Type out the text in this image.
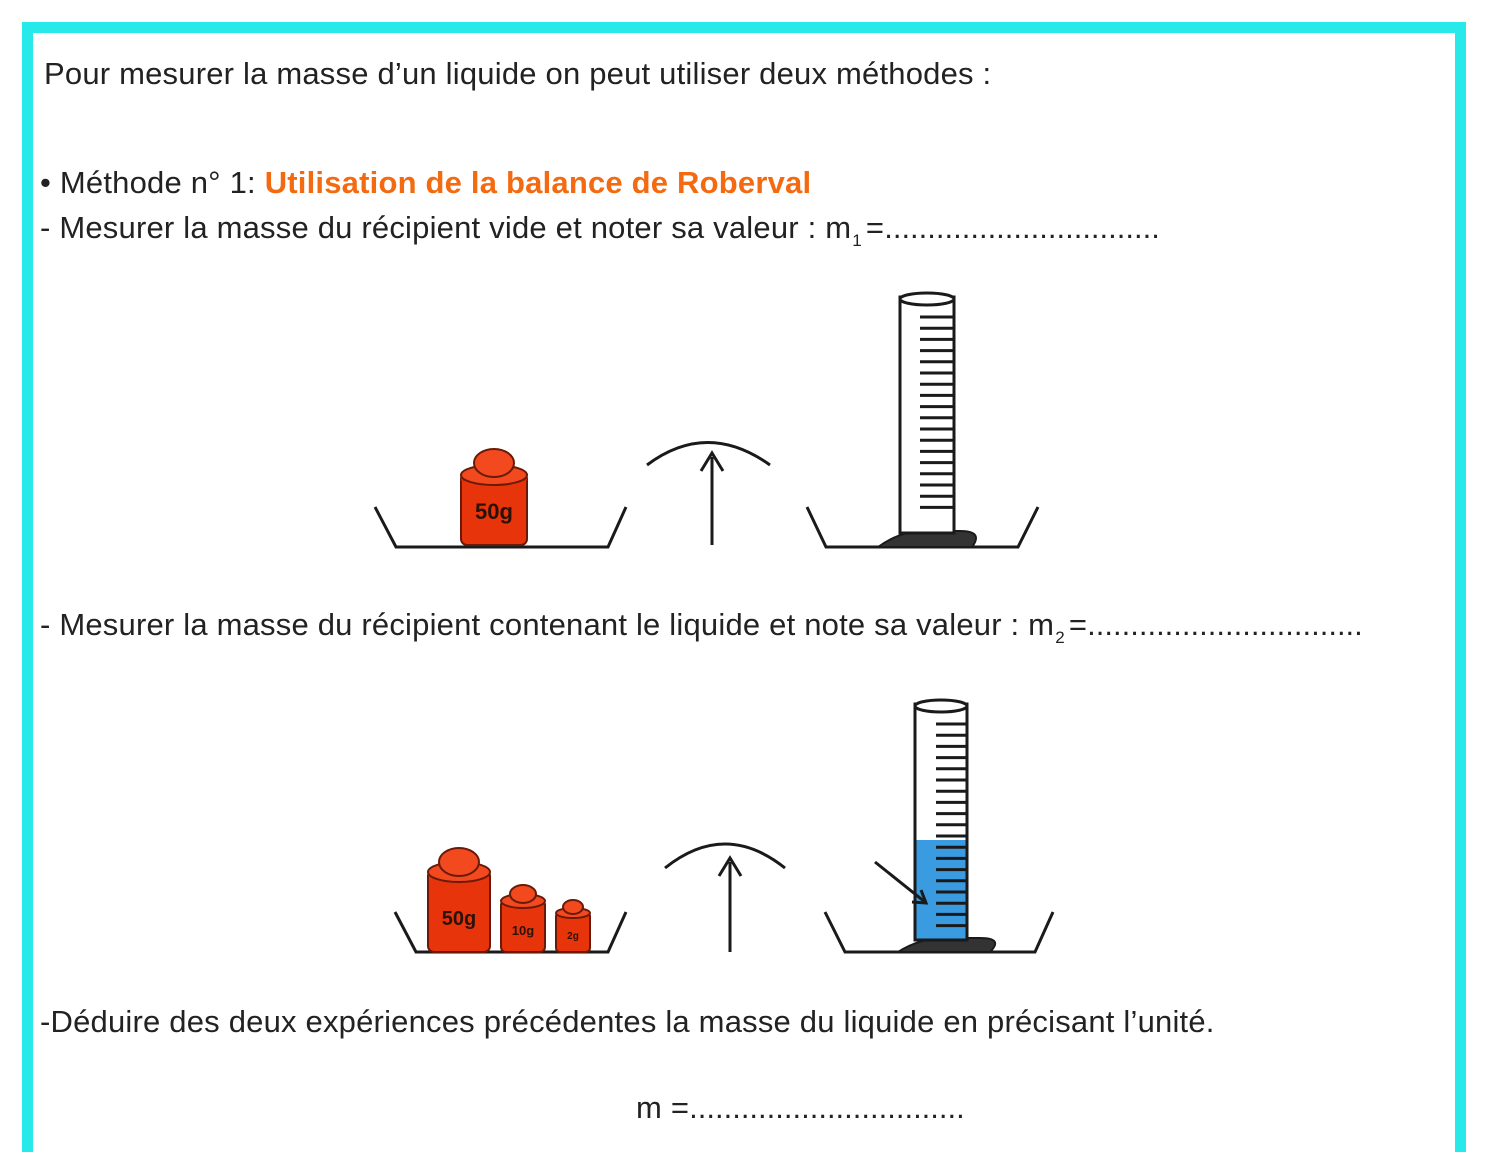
Pour mesurer la masse d’un liquide on peut utiliser deux méthodes :
• Méthode n° 1: Utilisation de la balance de Roberval
- Mesurer la masse du récipient vide et noter sa valeur : $m_1$ =................................
50g
- Mesurer la masse du récipient contenant le liquide et note sa valeur : $m_2$ =................................
50g
10g	2g
-Déduire des deux expériences précédentes la masse du liquide en précisant l’unité.
m =................................
